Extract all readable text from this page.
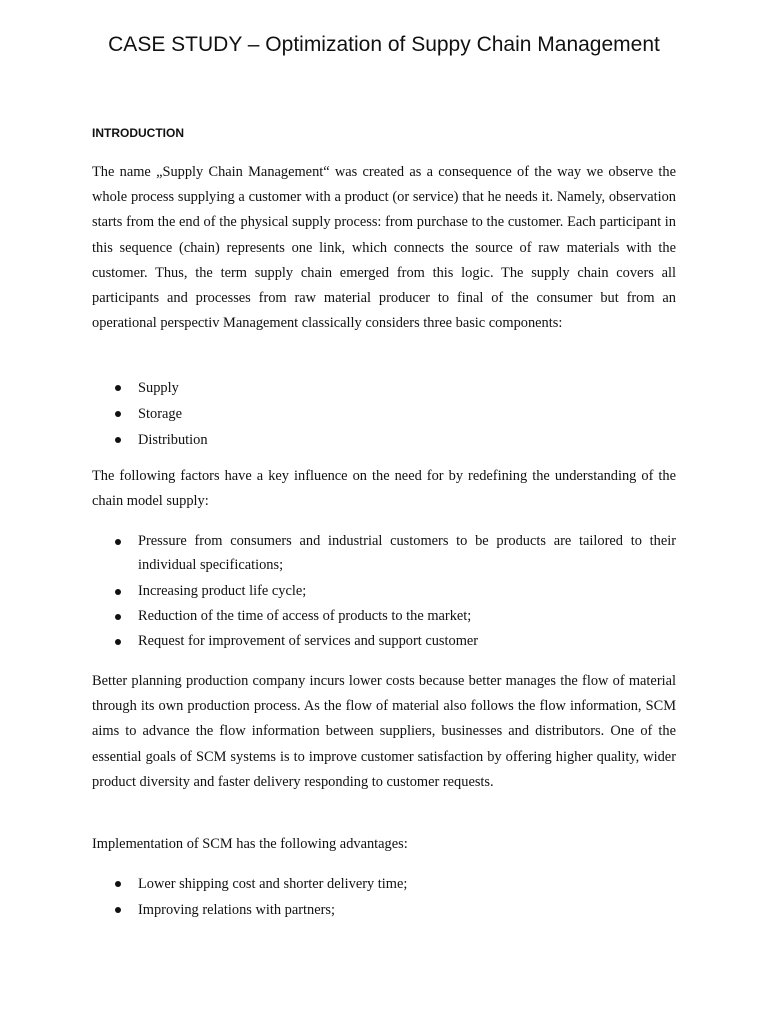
CASE STUDY – Optimization of Suppy Chain Management
INTRODUCTION

The name „Supply Chain Management“ was created as a consequence of the way we observe the whole process supplying a customer with a product (or service) that he needs it. Namely, observation starts from the end of the physical supply process: from purchase to the customer. Each participant in this sequence (chain) represents one link, which connects the source of raw materials with the customer. Thus, the term supply chain emerged from this logic. The supply chain covers all participants and processes from raw material producer to final of the consumer but from an operational perspectiv Management classically considers three basic components:

Supply
Storage
Distribution

The following factors have a key influence on the need for by redefining the understanding of the chain model supply:

Pressure from consumers and industrial customers to be products are tailored to their individual specifications;
Increasing product life cycle;
Reduction of the time of access of products to the market;
Request for improvement of services and support customer

Better planning production company incurs lower costs because better manages the flow of material through its own production process. As the flow of material also follows the flow information, SCM aims to advance the flow information between suppliers, businesses and distributors. One of the essential goals of SCM systems is to improve customer satisfaction by offering higher quality, wider product diversity and faster delivery responding to customer requests.

Implementation of SCM has the following advantages:

Lower shipping cost and shorter delivery time;
Improving relations with partners;
